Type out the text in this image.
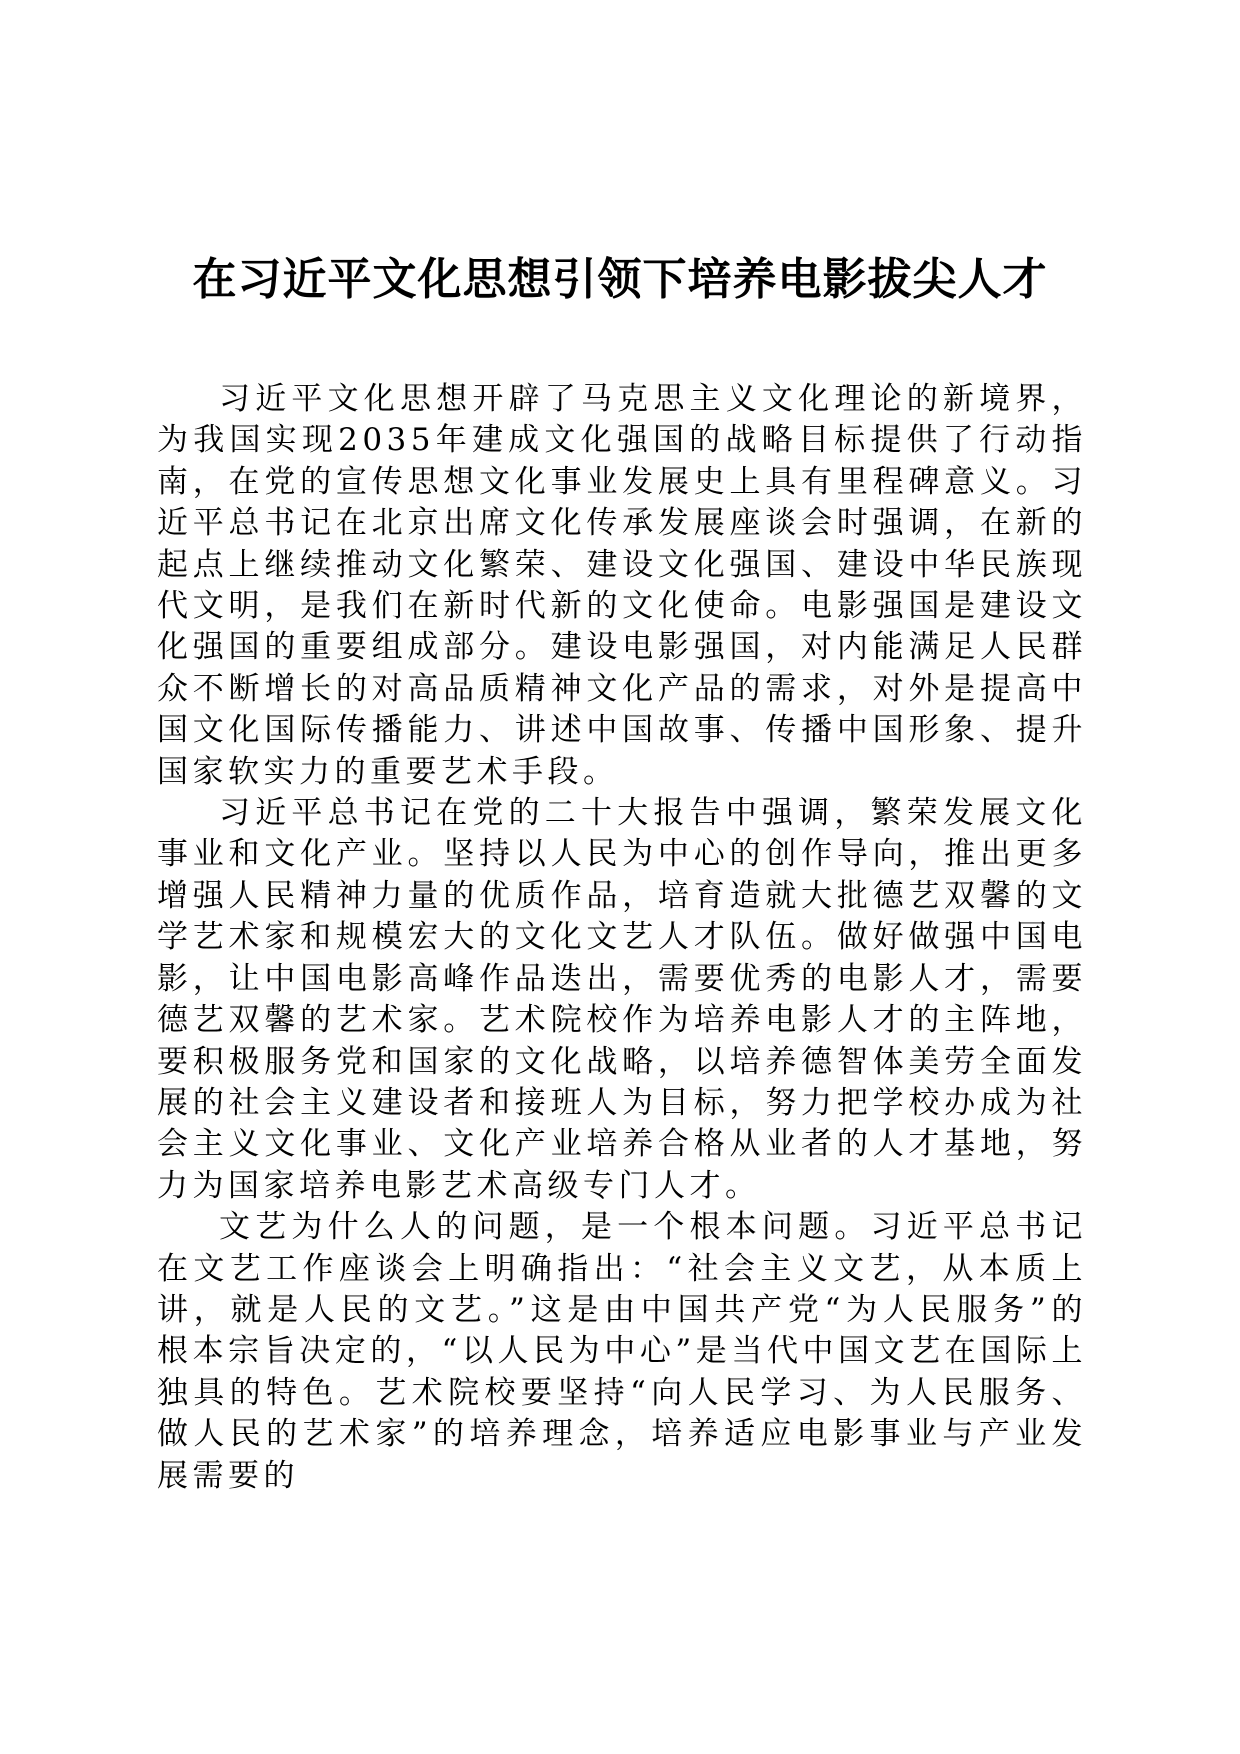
在习近平文化思想引领下培养电影拔尖人才

习近平文化思想开辟了马克思主义文化理论的新境界，为我国实现2035年建成文化强国的战略目标提供了行动指南，在党的宣传思想文化事业发展史上具有里程碑意义。习近平总书记在北京出席文化传承发展座谈会时强调，在新的起点上继续推动文化繁荣、建设文化强国、建设中华民族现代文明，是我们在新时代新的文化使命。电影强国是建设文化强国的重要组成部分。建设电影强国，对内能满足人民群众不断增长的对高品质精神文化产品的需求，对外是提高中国文化国际传播能力、讲述中国故事、传播中国形象、提升国家软实力的重要艺术手段。

习近平总书记在党的二十大报告中强调，繁荣发展文化事业和文化产业。坚持以人民为中心的创作导向，推出更多增强人民精神力量的优质作品，培育造就大批德艺双馨的文学艺术家和规模宏大的文化文艺人才队伍。做好做强中国电影，让中国电影高峰作品迭出，需要优秀的电影人才，需要德艺双馨的艺术家。艺术院校作为培养电影人才的主阵地，要积极服务党和国家的文化战略，以培养德智体美劳全面发展的社会主义建设者和接班人为目标，努力把学校办成为社会主义文化事业、文化产业培养合格从业者的人才基地，努力为国家培养电影艺术高级专门人才。

文艺为什么人的问题，是一个根本问题。习近平总书记在文艺工作座谈会上明确指出：“社会主义文艺，从本质上讲，就是人民的文艺。”这是由中国共产党“为人民服务”的根本宗旨决定的，“以人民为中心”是当代中国文艺在国际上独具的特色。艺术院校要坚持“向人民学习、为人民服务、做人民的艺术家”的培养理念，培养适应电影事业与产业发展需要的
